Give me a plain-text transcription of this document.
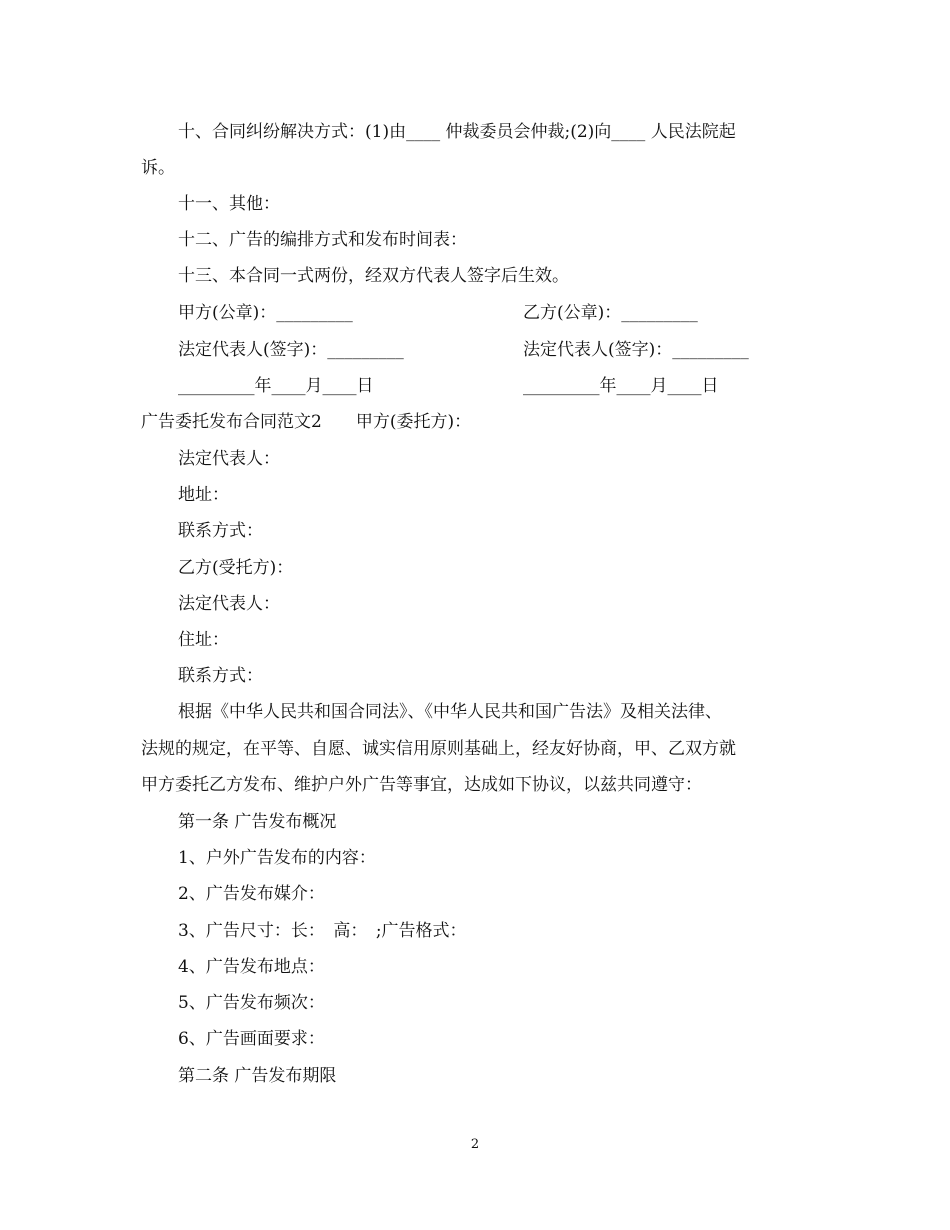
十、合同纠纷解决方式：(1)由____ 仲裁委员会仲裁;(2)向____ 人民法院起
诉。
十一、其他：
十二、广告的编排方式和发布时间表：
十三、本合同一式两份，经双方代表人签字后生效。
甲方(公章)：_________	乙方(公章)：_________
法定代表人(签字)：_________	法定代表人(签字)：_________
_________年____月____日	_________年____月____日
广告委托发布合同范文2　　甲方(委托方)：
法定代表人：
地址：
联系方式：
乙方(受托方)：
法定代表人：
住址：
联系方式：
根据《中华人民共和国合同法》、《中华人民共和国广告法》及相关法律、
法规的规定，在平等、自愿、诚实信用原则基础上，经友好协商，甲、乙双方就
甲方委托乙方发布、维护户外广告等事宜，达成如下协议，以兹共同遵守：
第一条 广告发布概况
1、户外广告发布的内容：
2、广告发布媒介：
3、广告尺寸：长：　高：　;广告格式：
4、广告发布地点：
5、广告发布频次：
6、广告画面要求：
第二条 广告发布期限
2
